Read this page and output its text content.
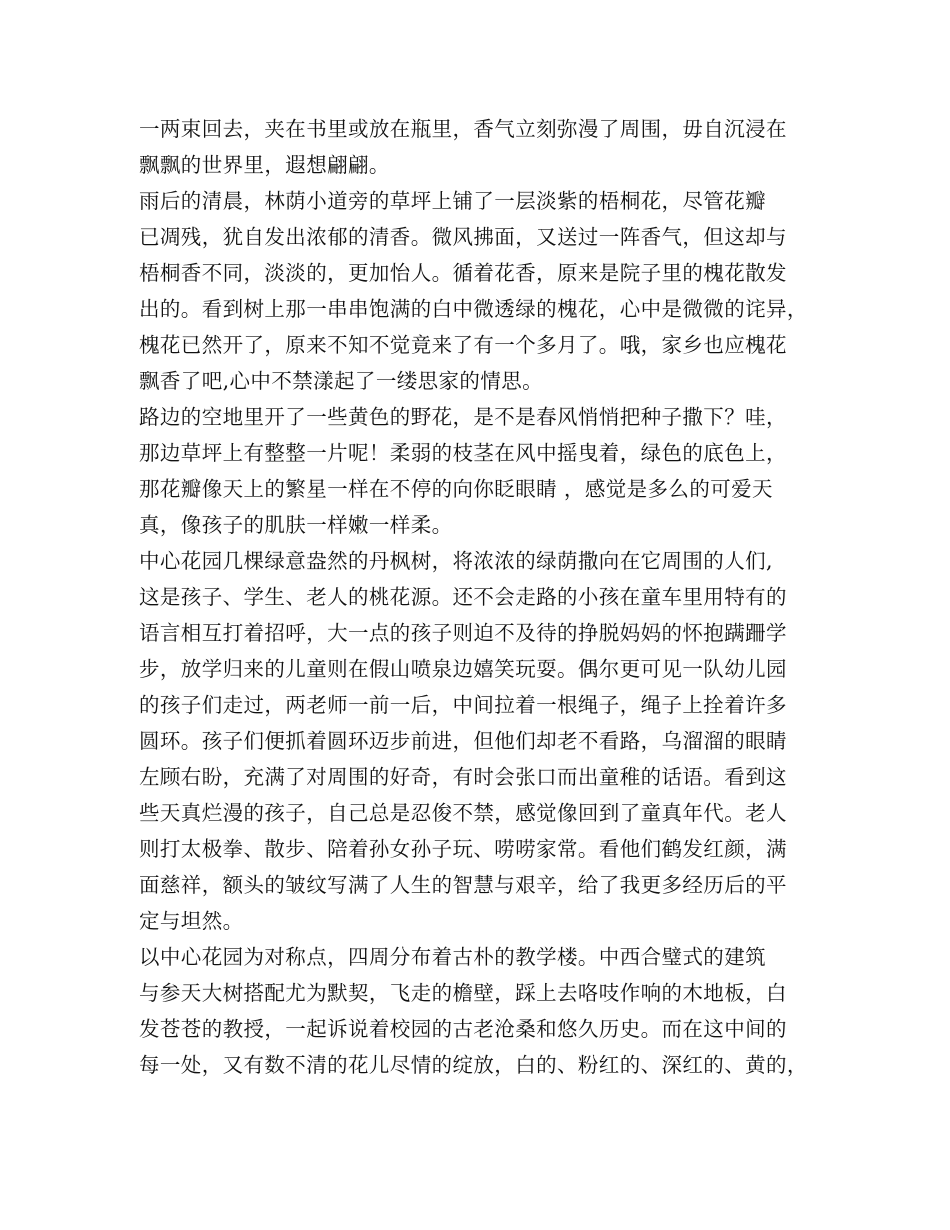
一两束回去，夹在书里或放在瓶里，香气立刻弥漫了周围，毋自沉浸在
飘飘的世界里，遐想翩翩。
雨后的清晨，林荫小道旁的草坪上铺了一层淡紫的梧桐花，尽管花瓣
已凋残，犹自发出浓郁的清香。微风拂面，又送过一阵香气，但这却与
梧桐香不同，淡淡的，更加怡人。循着花香，原来是院子里的槐花散发
出的。看到树上那一串串饱满的白中微透绿的槐花，心中是微微的诧异，
槐花已然开了，原来不知不觉竟来了有一个多月了。哦，家乡也应槐花
飘香了吧,心中不禁漾起了一缕思家的情思。
路边的空地里开了一些黄色的野花，是不是春风悄悄把种子撒下？哇，
那边草坪上有整整一片呢！柔弱的枝茎在风中摇曳着，绿色的底色上，
那花瓣像天上的繁星一样在不停的向你眨眼睛 ，感觉是多么的可爱天
真，像孩子的肌肤一样嫩一样柔。
中心花园几棵绿意盎然的丹枫树，将浓浓的绿荫撒向在它周围的人们,
这是孩子、学生、老人的桃花源。还不会走路的小孩在童车里用特有的
语言相互打着招呼，大一点的孩子则迫不及待的挣脱妈妈的怀抱蹒跚学
步，放学归来的儿童则在假山喷泉边嬉笑玩耍。偶尔更可见一队幼儿园
的孩子们走过，两老师一前一后，中间拉着一根绳子，绳子上拴着许多
圆环。孩子们便抓着圆环迈步前进，但他们却老不看路，乌溜溜的眼睛
左顾右盼，充满了对周围的好奇，有时会张口而出童稚的话语。看到这
些天真烂漫的孩子，自己总是忍俊不禁，感觉像回到了童真年代。老人
则打太极拳、散步、陪着孙女孙子玩、唠唠家常。看他们鹤发红颜，满
面慈祥，额头的皱纹写满了人生的智慧与艰辛，给了我更多经历后的平
定与坦然。
以中心花园为对称点，四周分布着古朴的教学楼。中西合璧式的建筑
与参天大树搭配尤为默契，飞走的檐壁，踩上去咯吱作响的木地板，白
发苍苍的教授，一起诉说着校园的古老沧桑和悠久历史。而在这中间的
每一处，又有数不清的花儿尽情的绽放，白的、粉红的、深红的、黄的，
